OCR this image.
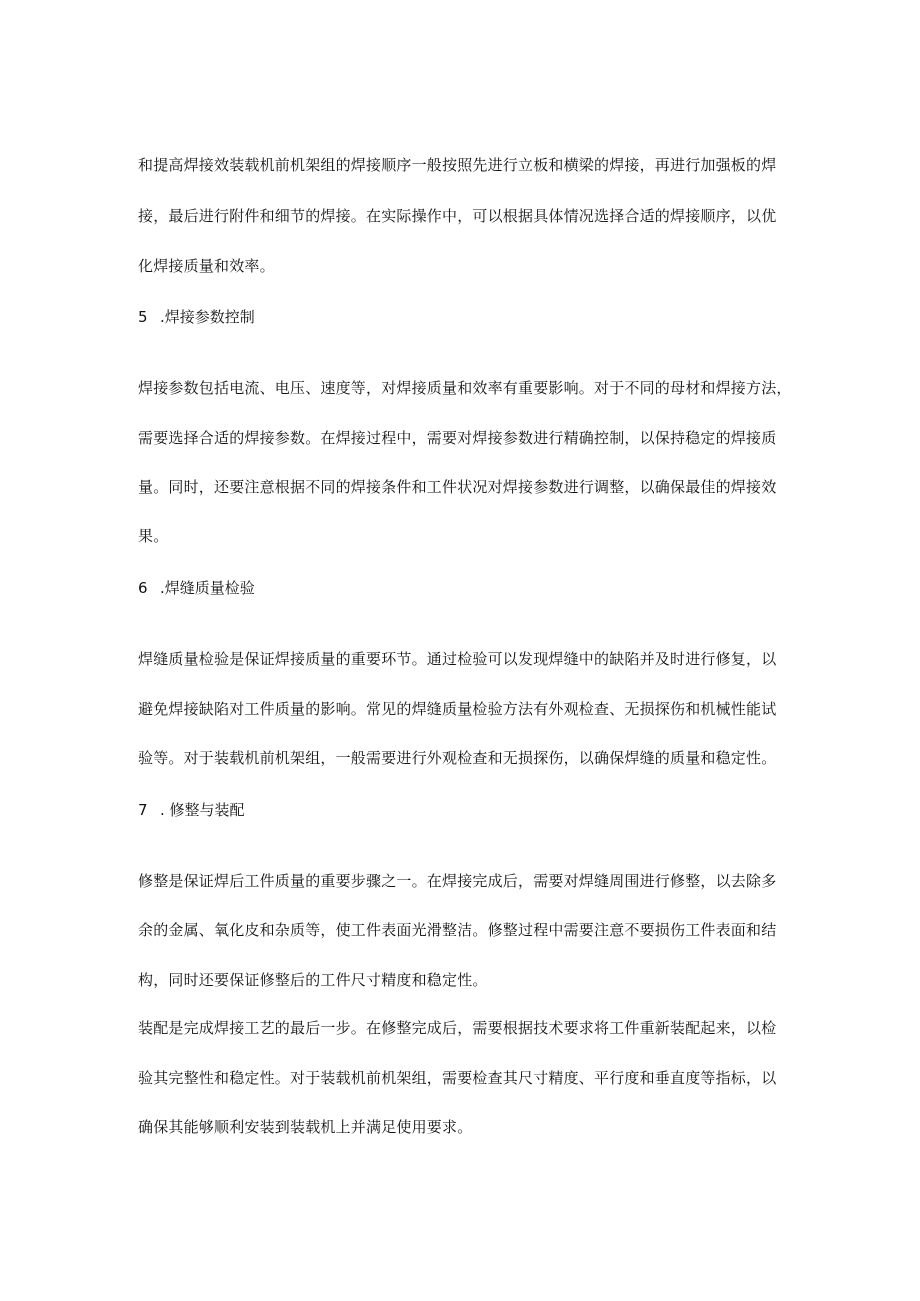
和提高焊接效装载机前机架组的焊接顺序一般按照先进行立板和横梁的焊接，再进行加强板的焊
接，最后进行附件和细节的焊接。在实际操作中，可以根据具体情况选择合适的焊接顺序，以优
化焊接质量和效率。
5 .焊接参数控制
焊接参数包括电流、电压、速度等，对焊接质量和效率有重要影响。对于不同的母材和焊接方法，
需要选择合适的焊接参数。在焊接过程中，需要对焊接参数进行精确控制，以保持稳定的焊接质
量。同时，还要注意根据不同的焊接条件和工件状况对焊接参数进行调整，以确保最佳的焊接效
果。
6 .焊缝质量检验
焊缝质量检验是保证焊接质量的重要环节。通过检验可以发现焊缝中的缺陷并及时进行修复，以
避免焊接缺陷对工件质量的影响。常见的焊缝质量检验方法有外观检查、无损探伤和机械性能试
验等。对于装载机前机架组，一般需要进行外观检查和无损探伤，以确保焊缝的质量和稳定性。
7 . 修整与装配
修整是保证焊后工件质量的重要步骤之一。在焊接完成后，需要对焊缝周围进行修整，以去除多
余的金属、氧化皮和杂质等，使工件表面光滑整洁。修整过程中需要注意不要损伤工件表面和结
构，同时还要保证修整后的工件尺寸精度和稳定性。
装配是完成焊接工艺的最后一步。在修整完成后，需要根据技术要求将工件重新装配起来，以检
验其完整性和稳定性。对于装载机前机架组，需要检查其尺寸精度、平行度和垂直度等指标，以
确保其能够顺利安装到装载机上并满足使用要求。
